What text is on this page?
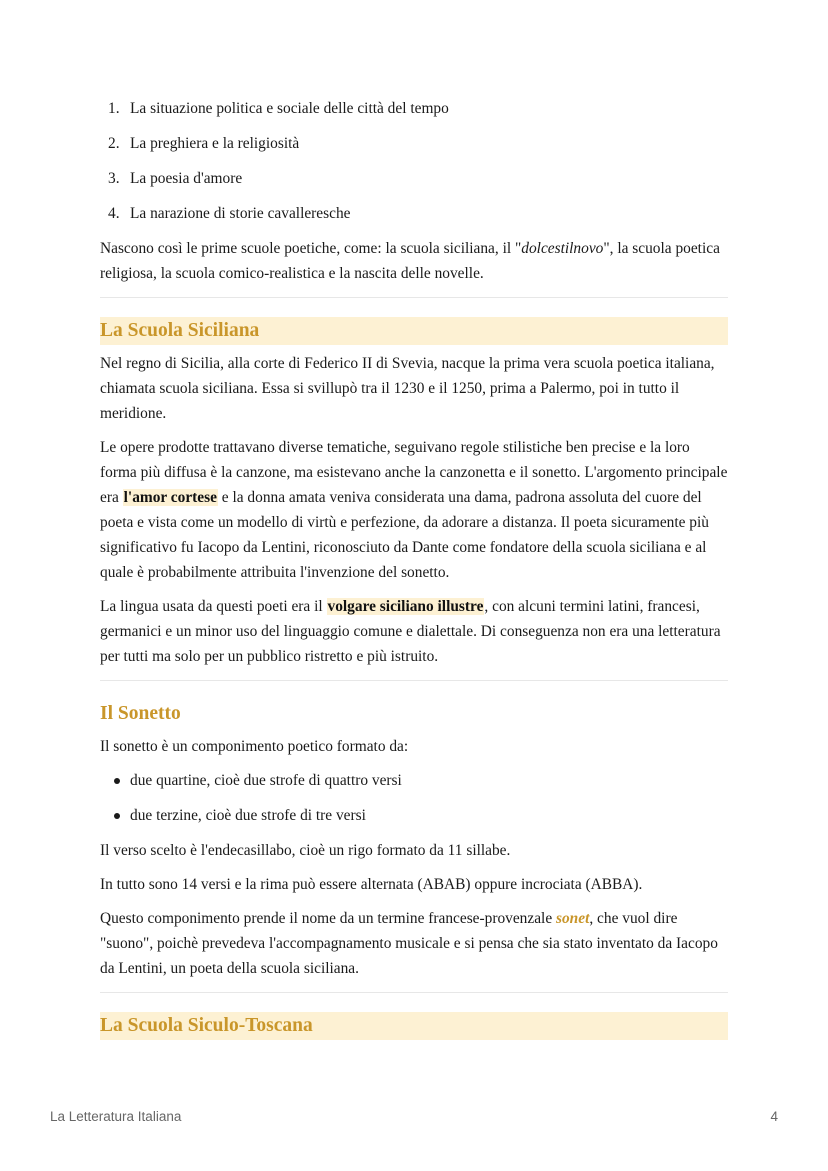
1. La situazione politica e sociale delle città del tempo
2. La preghiera e la religiosità
3. La poesia d'amore
4. La narazione di storie cavalleresche

Nascono così le prime scuole poetiche, come: la scuola siciliana, il "dolcestilnovo", la scuola poetica religiosa, la scuola comico-realistica e la nascita delle novelle.

La Scuola Siciliana

Nel regno di Sicilia, alla corte di Federico II di Svevia, nacque la prima vera scuola poetica italiana, chiamata scuola siciliana. Essa si svillupò tra il 1230 e il 1250, prima a Palermo, poi in tutto il meridione.

Le opere prodotte trattavano diverse tematiche, seguivano regole stilistiche ben precise e la loro forma più diffusa è la canzone, ma esistevano anche la canzonetta e il sonetto. L'argomento principale era l'amor cortese e la donna amata veniva considerata una dama, padrona assoluta del cuore del poeta e vista come un modello di virtù e perfezione, da adorare a distanza. Il poeta sicuramente più significativo fu Iacopo da Lentini, riconosciuto da Dante come fondatore della scuola siciliana e al quale è probabilmente attribuita l'invenzione del sonetto.

La lingua usata da questi poeti era il volgare siciliano illustre, con alcuni termini latini, francesi, germanici e un minor uso del linguaggio comune e dialettale. Di conseguenza non era una letteratura per tutti ma solo per un pubblico ristretto e più istruito.

Il Sonetto

Il sonetto è un componimento poetico formato da:

due quartine, cioè due strofe di quattro versi
due terzine, cioè due strofe di tre versi

Il verso scelto è l'endecasillabo, cioè un rigo formato da 11 sillabe.

In tutto sono 14 versi e la rima può essere alternata (ABAB) oppure incrociata (ABBA).

Questo componimento prende il nome da un termine francese-provenzale sonet, che vuol dire "suono", poichè prevedeva l'accompagnamento musicale e si pensa che sia stato inventato da Iacopo da Lentini, un poeta della scuola siciliana.

La Scuola Siculo-Toscana
La Letteratura Italiana	4
